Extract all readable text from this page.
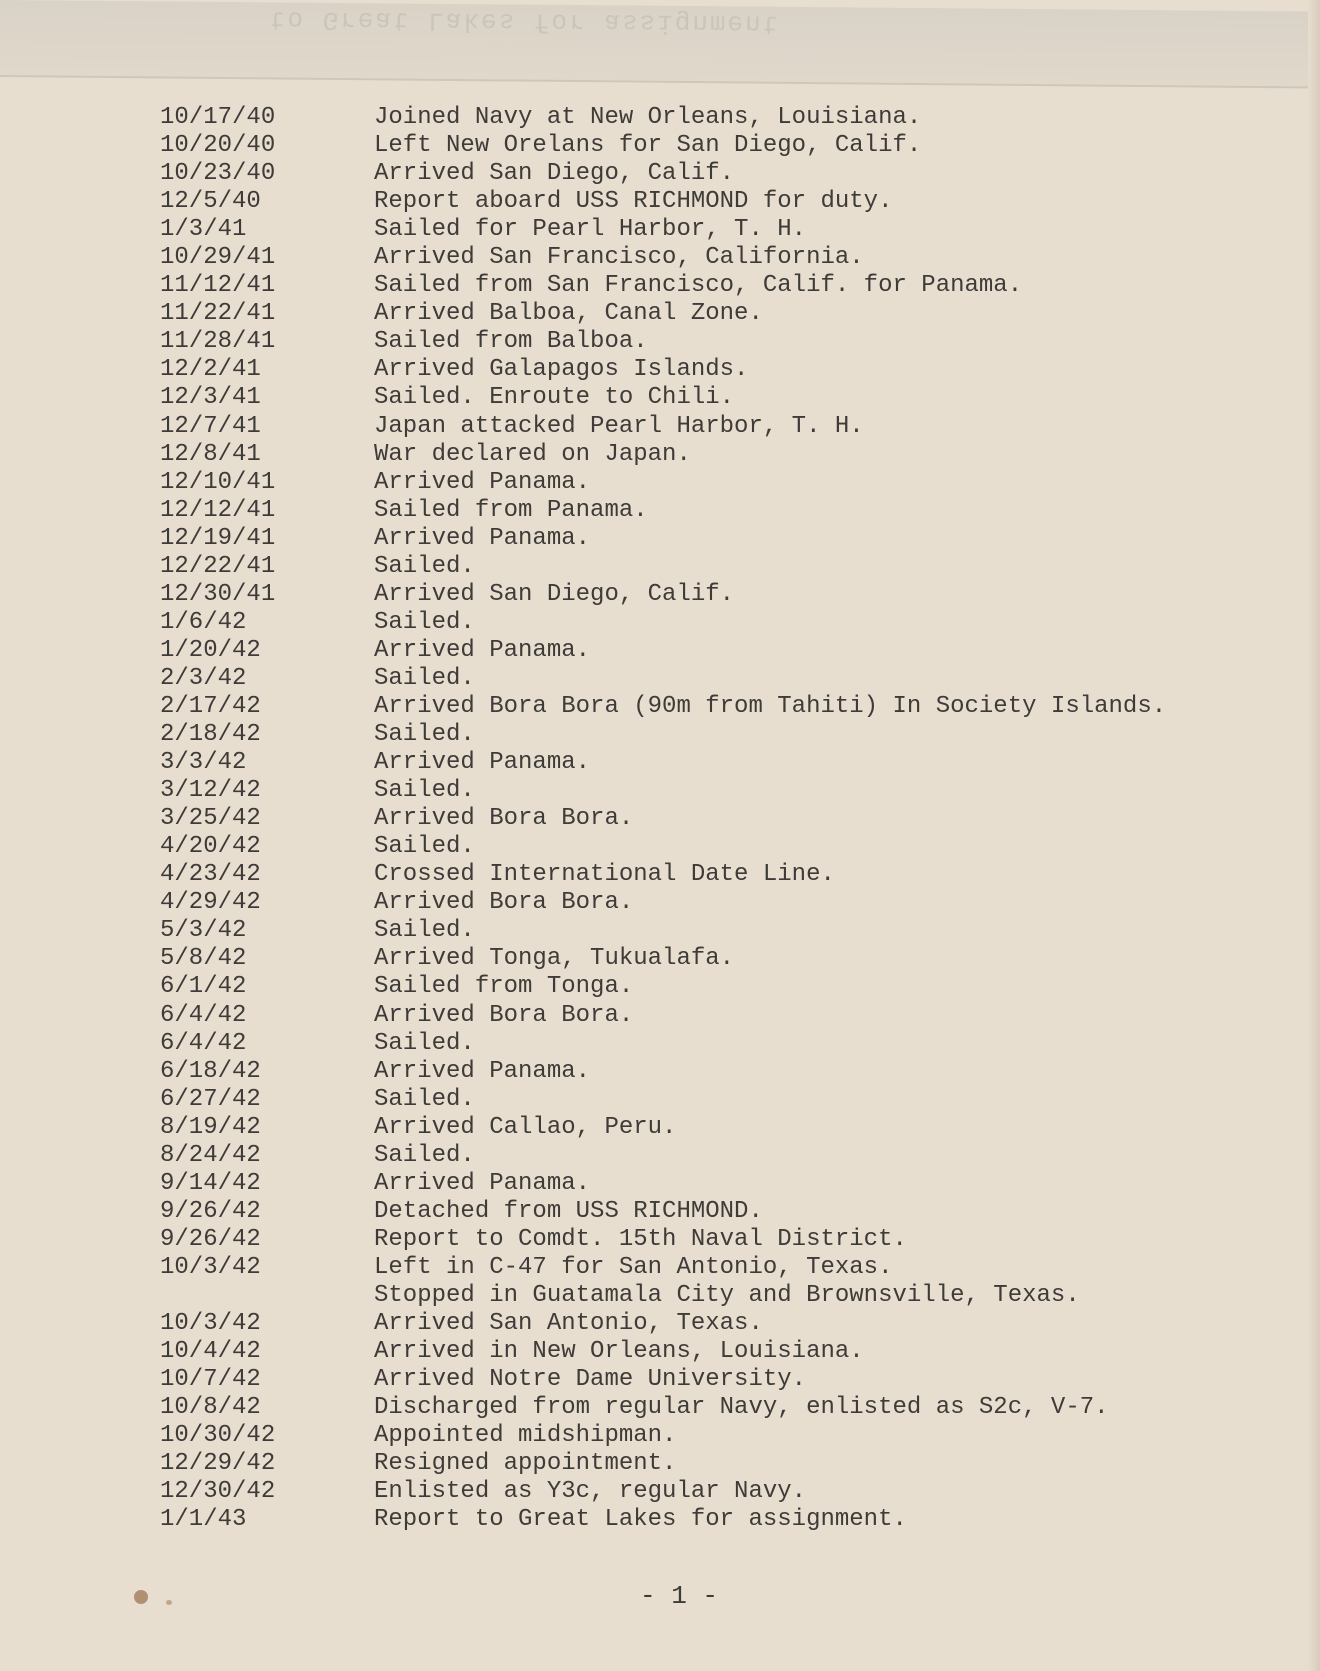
to Great Lakes for assignment
10/17/40	Joined Navy at New Orleans, Louisiana.
10/20/40	Left New Orelans for San Diego, Calif.
10/23/40	Arrived San Diego, Calif.
12/5/40	Report aboard USS RICHMOND for duty.
1/3/41	Sailed for Pearl Harbor, T. H.
10/29/41	Arrived San Francisco, California.
11/12/41	Sailed from San Francisco, Calif. for Panama.
11/22/41	Arrived Balboa, Canal Zone.
11/28/41	Sailed from Balboa.
12/2/41	Arrived Galapagos Islands.
12/3/41	Sailed. Enroute to Chili.
12/7/41	Japan attacked Pearl Harbor, T. H.
12/8/41	War declared on Japan.
12/10/41	Arrived Panama.
12/12/41	Sailed from Panama.
12/19/41	Arrived Panama.
12/22/41	Sailed.
12/30/41	Arrived San Diego, Calif.
1/6/42	Sailed.
1/20/42	Arrived Panama.
2/3/42	Sailed.
2/17/42	Arrived Bora Bora (90m from Tahiti) In Society Islands.
2/18/42	Sailed.
3/3/42	Arrived Panama.
3/12/42	Sailed.
3/25/42	Arrived Bora Bora.
4/20/42	Sailed.
4/23/42	Crossed International Date Line.
4/29/42	Arrived Bora Bora.
5/3/42	Sailed.
5/8/42	Arrived Tonga, Tukualafa.
6/1/42	Sailed from Tonga.
6/4/42	Arrived Bora Bora.
6/4/42	Sailed.
6/18/42	Arrived Panama.
6/27/42	Sailed.
8/19/42	Arrived Callao, Peru.
8/24/42	Sailed.
9/14/42	Arrived Panama.
9/26/42	Detached from USS RICHMOND.
9/26/42	Report to Comdt. 15th Naval District.
10/3/42	Left in C-47 for San Antonio, Texas.
Stopped in Guatamala City and Brownsville, Texas.
10/3/42	Arrived San Antonio, Texas.
10/4/42	Arrived in New Orleans, Louisiana.
10/7/42	Arrived Notre Dame University.
10/8/42	Discharged from regular Navy, enlisted as S2c, V-7.
10/30/42	Appointed midshipman.
12/29/42	Resigned appointment.
12/30/42	Enlisted as Y3c, regular Navy.
1/1/43	Report to Great Lakes for assignment.
- 1 -
